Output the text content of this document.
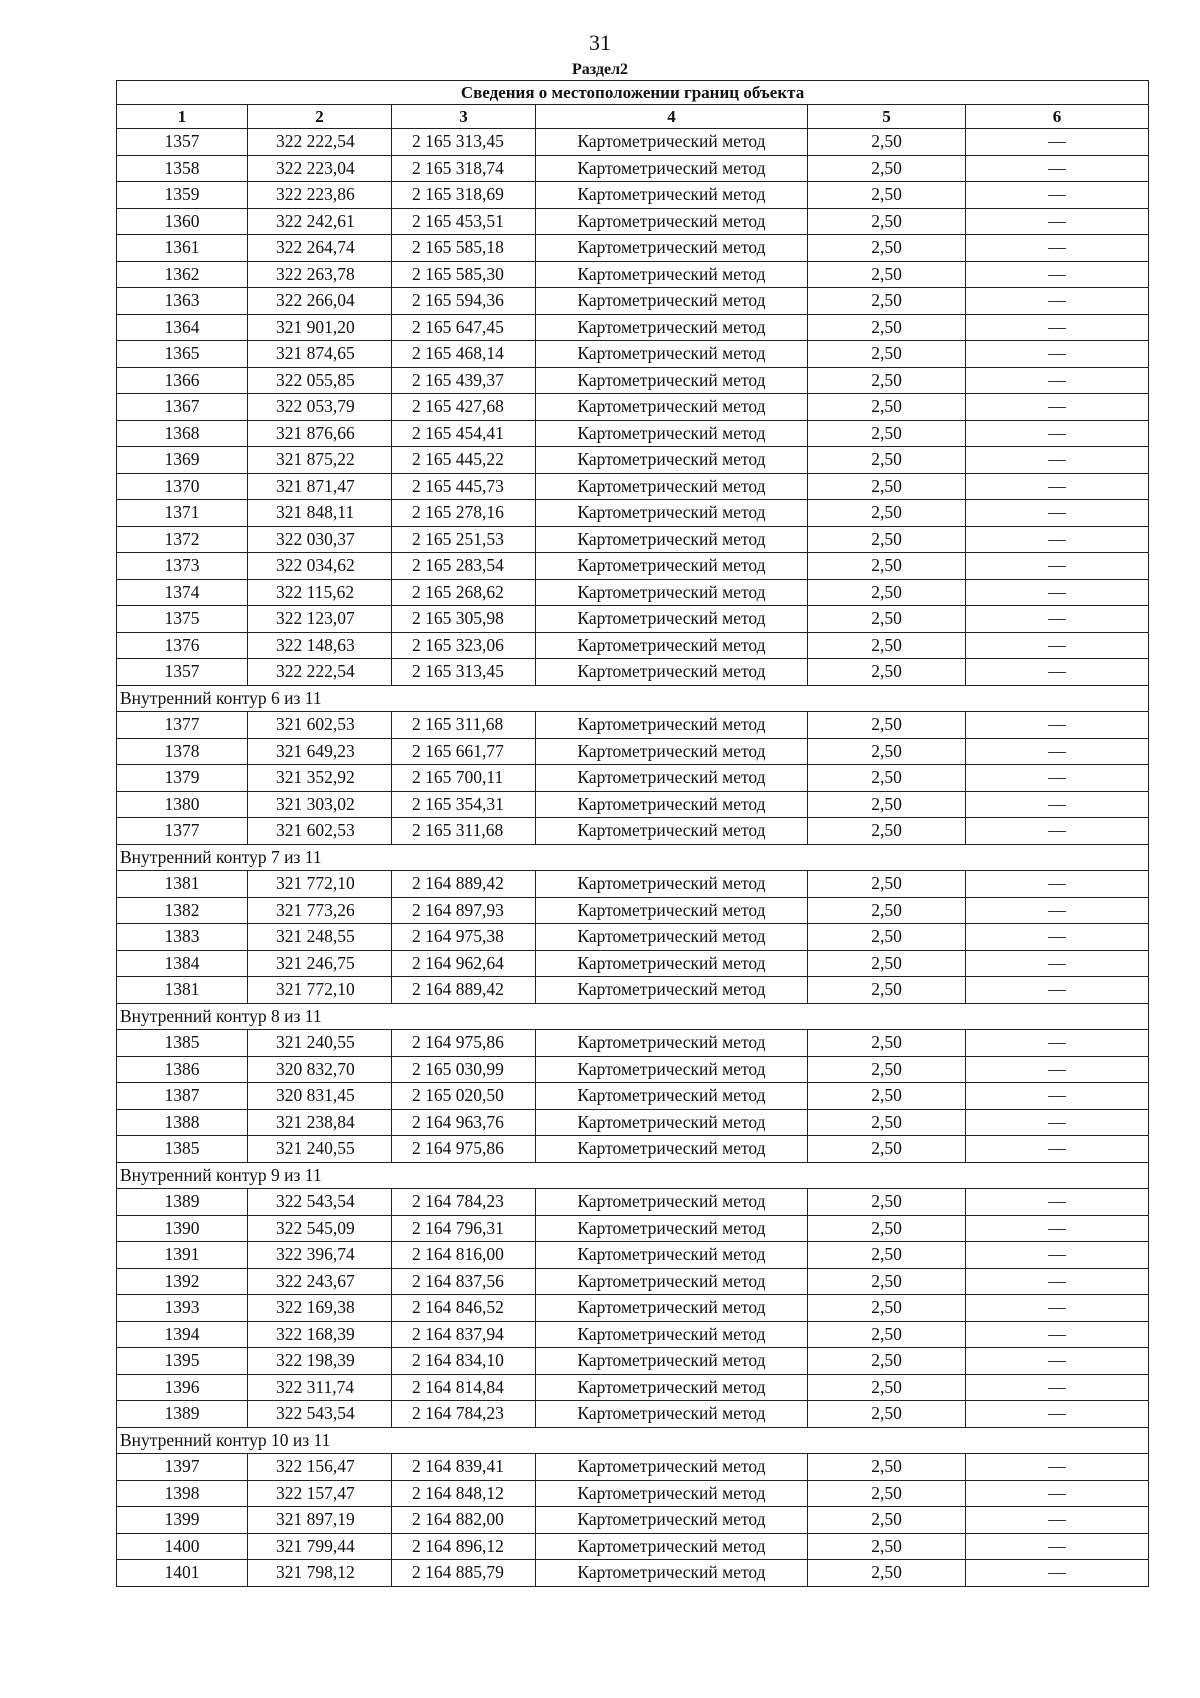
31
Раздел2
Сведения о местоположении границ объекта					
1	2	3	4	5	6
1357	322 222,54	2 165 313,45	Картометрический метод	2,50	—
1358	322 223,04	2 165 318,74	Картометрический метод	2,50	—
1359	322 223,86	2 165 318,69	Картометрический метод	2,50	—
1360	322 242,61	2 165 453,51	Картометрический метод	2,50	—
1361	322 264,74	2 165 585,18	Картометрический метод	2,50	—
1362	322 263,78	2 165 585,30	Картометрический метод	2,50	—
1363	322 266,04	2 165 594,36	Картометрический метод	2,50	—
1364	321 901,20	2 165 647,45	Картометрический метод	2,50	—
1365	321 874,65	2 165 468,14	Картометрический метод	2,50	—
1366	322 055,85	2 165 439,37	Картометрический метод	2,50	—
1367	322 053,79	2 165 427,68	Картометрический метод	2,50	—
1368	321 876,66	2 165 454,41	Картометрический метод	2,50	—
1369	321 875,22	2 165 445,22	Картометрический метод	2,50	—
1370	321 871,47	2 165 445,73	Картометрический метод	2,50	—
1371	321 848,11	2 165 278,16	Картометрический метод	2,50	—
1372	322 030,37	2 165 251,53	Картометрический метод	2,50	—
1373	322 034,62	2 165 283,54	Картометрический метод	2,50	—
1374	322 115,62	2 165 268,62	Картометрический метод	2,50	—
1375	322 123,07	2 165 305,98	Картометрический метод	2,50	—
1376	322 148,63	2 165 323,06	Картометрический метод	2,50	—
1357	322 222,54	2 165 313,45	Картометрический метод	2,50	—
Внутренний контур 6 из 11					
1377	321 602,53	2 165 311,68	Картометрический метод	2,50	—
1378	321 649,23	2 165 661,77	Картометрический метод	2,50	—
1379	321 352,92	2 165 700,11	Картометрический метод	2,50	—
1380	321 303,02	2 165 354,31	Картометрический метод	2,50	—
1377	321 602,53	2 165 311,68	Картометрический метод	2,50	—
Внутренний контур 7 из 11					
1381	321 772,10	2 164 889,42	Картометрический метод	2,50	—
1382	321 773,26	2 164 897,93	Картометрический метод	2,50	—
1383	321 248,55	2 164 975,38	Картометрический метод	2,50	—
1384	321 246,75	2 164 962,64	Картометрический метод	2,50	—
1381	321 772,10	2 164 889,42	Картометрический метод	2,50	—
Внутренний контур 8 из 11					
1385	321 240,55	2 164 975,86	Картометрический метод	2,50	—
1386	320 832,70	2 165 030,99	Картометрический метод	2,50	—
1387	320 831,45	2 165 020,50	Картометрический метод	2,50	—
1388	321 238,84	2 164 963,76	Картометрический метод	2,50	—
1385	321 240,55	2 164 975,86	Картометрический метод	2,50	—
Внутренний контур 9 из 11					
1389	322 543,54	2 164 784,23	Картометрический метод	2,50	—
1390	322 545,09	2 164 796,31	Картометрический метод	2,50	—
1391	322 396,74	2 164 816,00	Картометрический метод	2,50	—
1392	322 243,67	2 164 837,56	Картометрический метод	2,50	—
1393	322 169,38	2 164 846,52	Картометрический метод	2,50	—
1394	322 168,39	2 164 837,94	Картометрический метод	2,50	—
1395	322 198,39	2 164 834,10	Картометрический метод	2,50	—
1396	322 311,74	2 164 814,84	Картометрический метод	2,50	—
1389	322 543,54	2 164 784,23	Картометрический метод	2,50	—
Внутренний контур 10 из 11					
1397	322 156,47	2 164 839,41	Картометрический метод	2,50	—
1398	322 157,47	2 164 848,12	Картометрический метод	2,50	—
1399	321 897,19	2 164 882,00	Картометрический метод	2,50	—
1400	321 799,44	2 164 896,12	Картометрический метод	2,50	—
1401	321 798,12	2 164 885,79	Картометрический метод	2,50	—
